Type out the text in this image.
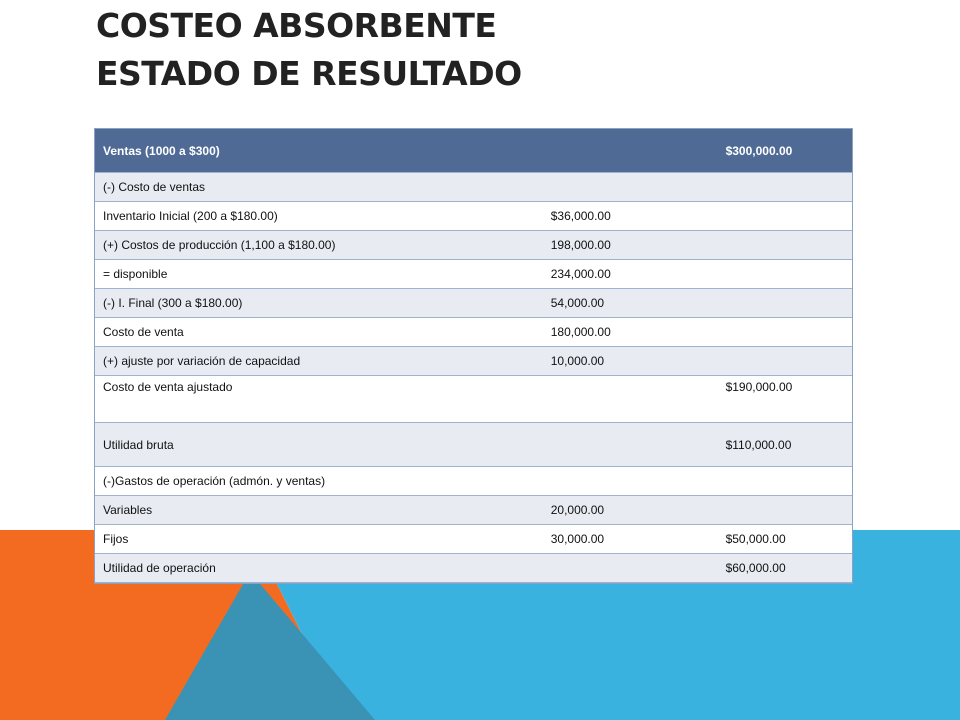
COSTEO ABSORBENTE
ESTADO DE RESULTADO
Ventas (1000 a $300)		$300,000.00
(-) Costo de ventas		
Inventario Inicial (200 a $180.00)	$36,000.00	
(+) Costos de producción (1,100 a $180.00)	198,000.00	
= disponible	234,000.00	
(-) I. Final (300 a $180.00)	54,000.00	
Costo de venta	180,000.00	
(+) ajuste por variación de capacidad	10,000.00	
Costo de venta ajustado		$190,000.00
Utilidad bruta		$110,000.00
(-)Gastos de operación (admón. y ventas)		
Variables	20,000.00	
Fijos	30,000.00	$50,000.00
Utilidad de operación		$60,000.00
